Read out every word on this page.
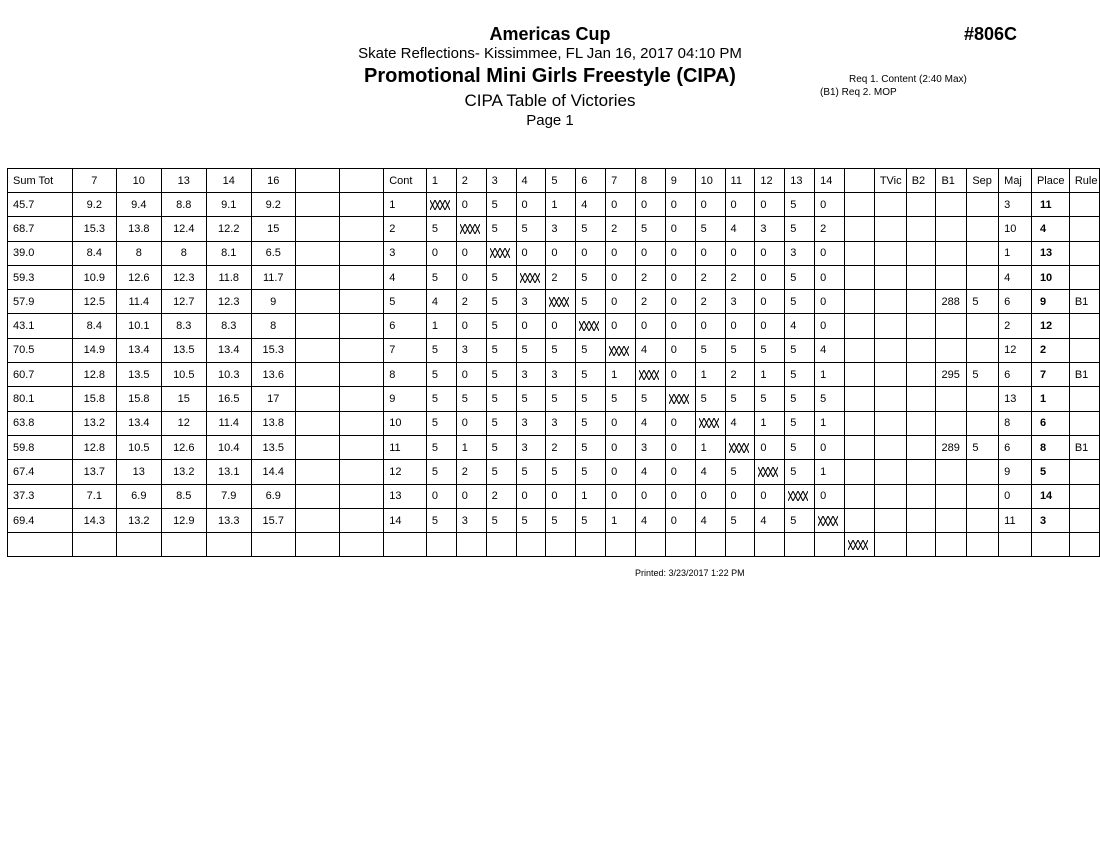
Americas Cup	#806C
Skate Reflections- Kissimmee, FL Jan 16, 2017 04:10 PM
Promotional Mini Girls Freestyle (CIPA)	Req 1. Content (2:40 Max)
(B1) Req 2. MOP
CIPA Table of Victories
Page 1
Sum Tot	7	10	13	14	16			Cont	1	2	3	4	5	6	7	8	9	10	11	12	13	14		TVic	B2	B1	Sep	Maj	Place	Rule
45.7	9.2	9.4	8.8	9.1	9.2			1		0	5	0	1	4	0	0	0	0	0	0	5	0						3	11	
68.7	15.3	13.8	12.4	12.2	15			2	5		5	5	3	5	2	5	0	5	4	3	5	2						10	4	
39.0	8.4	8	8	8.1	6.5			3	0	0		0	0	0	0	0	0	0	0	0	3	0						1	13	
59.3	10.9	12.6	12.3	11.8	11.7			4	5	0	5		2	5	0	2	0	2	2	0	5	0						4	10	
57.9	12.5	11.4	12.7	12.3	9			5	4	2	5	3		5	0	2	0	2	3	0	5	0				288	5	6	9	B1
43.1	8.4	10.1	8.3	8.3	8			6	1	0	5	0	0		0	0	0	0	0	0	4	0						2	12	
70.5	14.9	13.4	13.5	13.4	15.3			7	5	3	5	5	5	5		4	0	5	5	5	5	4						12	2	
60.7	12.8	13.5	10.5	10.3	13.6			8	5	0	5	3	3	5	1		0	1	2	1	5	1				295	5	6	7	B1
80.1	15.8	15.8	15	16.5	17			9	5	5	5	5	5	5	5	5		5	5	5	5	5						13	1	
63.8	13.2	13.4	12	11.4	13.8			10	5	0	5	3	3	5	0	4	0		4	1	5	1						8	6	
59.8	12.8	10.5	12.6	10.4	13.5			11	5	1	5	3	2	5	0	3	0	1		0	5	0				289	5	6	8	B1
67.4	13.7	13	13.2	13.1	14.4			12	5	2	5	5	5	5	0	4	0	4	5		5	1						9	5	
37.3	7.1	6.9	8.5	7.9	6.9			13	0	0	2	0	0	1	0	0	0	0	0	0		0						0	14	
69.4	14.3	13.2	12.9	13.3	15.7			14	5	3	5	5	5	5	1	4	0	4	5	4	5							11	3	

Printed: 3/23/2017 1:22 PM
